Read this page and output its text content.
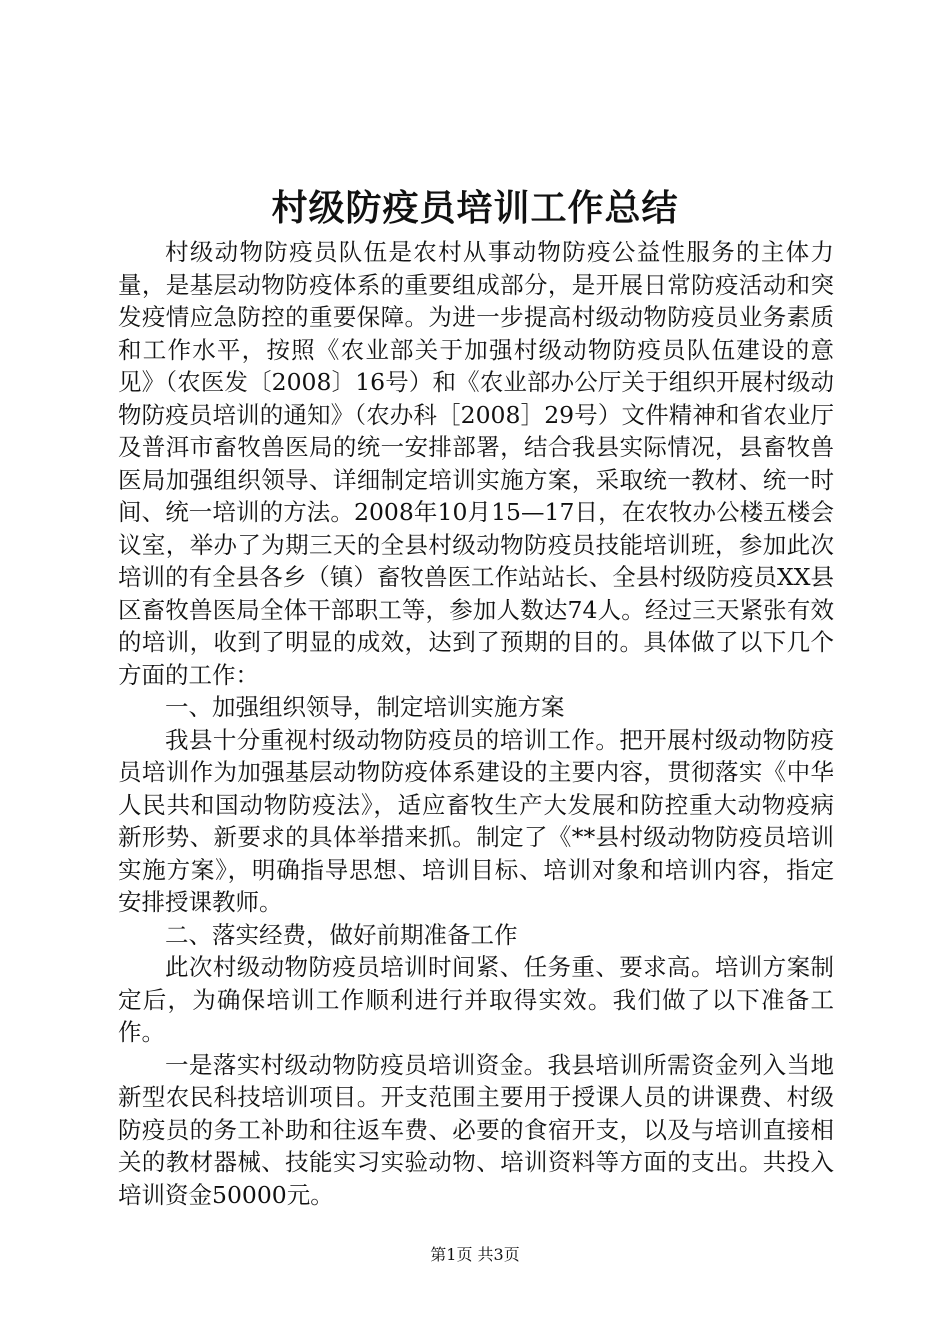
村级防疫员培训工作总结

村级动物防疫员队伍是农村从事动物防疫公益性服务的主体力量，是基层动物防疫体系的重要组成部分，是开展日常防疫活动和突发疫情应急防控的重要保障。为进一步提高村级动物防疫员业务素质和工作水平，按照《农业部关于加强村级动物防疫员队伍建设的意见》（农医发〔2008〕16号）和《农业部办公厅关于组织开展村级动物防疫员培训的通知》（农办科［2008］29号）文件精神和省农业厅及普洱市畜牧兽医局的统一安排部署，结合我县实际情况，县畜牧兽医局加强组织领导、详细制定培训实施方案，采取统一教材、统一时间、统一培训的方法。2008年10月15—17日，在农牧办公楼五楼会议室，举办了为期三天的全县村级动物防疫员技能培训班，参加此次培训的有全县各乡（镇）畜牧兽医工作站站长、全县村级防疫员XX县区畜牧兽医局全体干部职工等，参加人数达74人。经过三天紧张有效的培训，收到了明显的成效，达到了预期的目的。具体做了以下几个方面的工作：

一、加强组织领导，制定培训实施方案

我县十分重视村级动物防疫员的培训工作。把开展村级动物防疫员培训作为加强基层动物防疫体系建设的主要内容，贯彻落实《中华人民共和国动物防疫法》，适应畜牧生产大发展和防控重大动物疫病新形势、新要求的具体举措来抓。制定了《**县村级动物防疫员培训实施方案》，明确指导思想、培训目标、培训对象和培训内容，指定安排授课教师。

二、落实经费，做好前期准备工作

此次村级动物防疫员培训时间紧、任务重、要求高。培训方案制定后，为确保培训工作顺利进行并取得实效。我们做了以下准备工作。

一是落实村级动物防疫员培训资金。我县培训所需资金列入当地新型农民科技培训项目。开支范围主要用于授课人员的讲课费、村级防疫员的务工补助和往返车费、必要的食宿开支，以及与培训直接相关的教材器械、技能实习实验动物、培训资料等方面的支出。共投入培训资金50000元。

第1页 共3页
